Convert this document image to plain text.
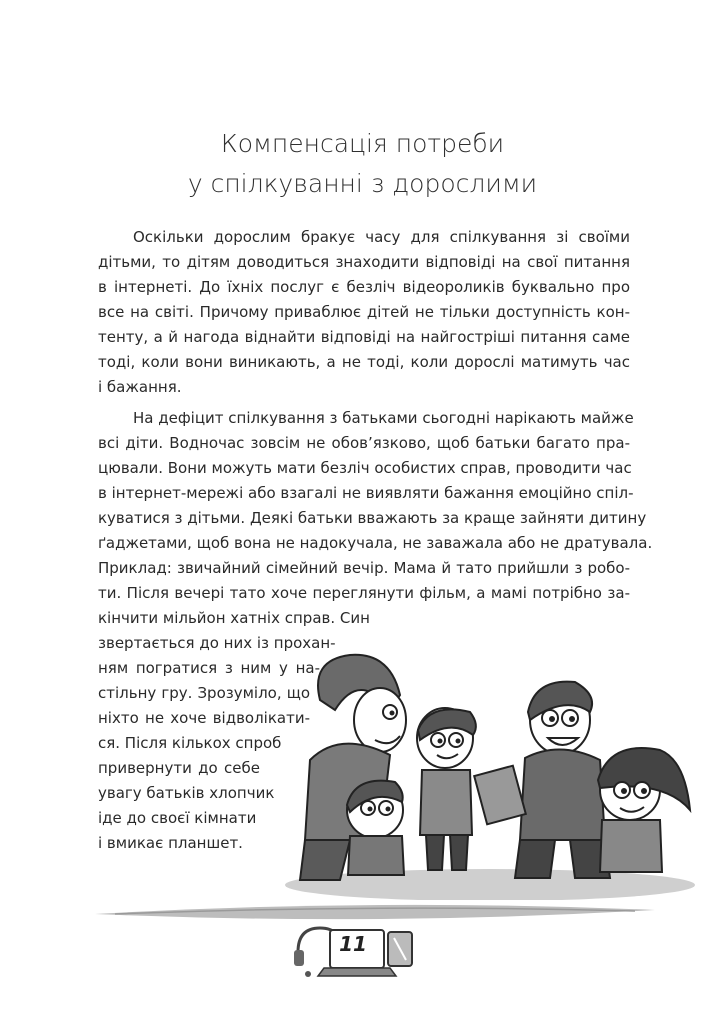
Компенсація потреби
у спілкуванні з дорослими
Оскільки дорослим бракує часу для спілкування зі своїми
дітьми, то дітям доводиться знаходити відповіді на свої питання
в інтернеті. До їхніх послуг є безліч відеороликів буквально про
все на світі. Причому приваблює дітей не тільки доступність кон-
тенту, а й нагода віднайти відповіді на найгостріші питання саме
тоді, коли вони виникають, а не тоді, коли дорослі матимуть час
і бажання.
На дефіцит спілкування з батьками сьогодні нарікають майже
всі діти. Водночас зовсім не обов’язково, щоб батьки багато пра-
цювали. Вони можуть мати безліч особистих справ, проводити час
в інтернет-мережі або взагалі не виявляти бажання емоційно спіл-
куватися з дітьми. Деякі батьки вважають за краще зайняти дитину
ґаджетами, щоб вона не надокучала, не заважала або не дратувала.
Приклад: звичайний сімейний вечір. Мама й тато прийшли з робо-
ти. Після вечері тато хоче переглянути фільм, а мамі потрібно за-
кінчити мільйон хатніх справ. Син
звертається до них із прохан-
ням погратися з ним у на-
стільну гру. Зрозуміло, що
ніхто не хоче відволікати-
ся. Після кількох спроб
привернути до себе
увагу батьків хлопчик
іде до своєї кімнати
і вмикає планшет.
11
